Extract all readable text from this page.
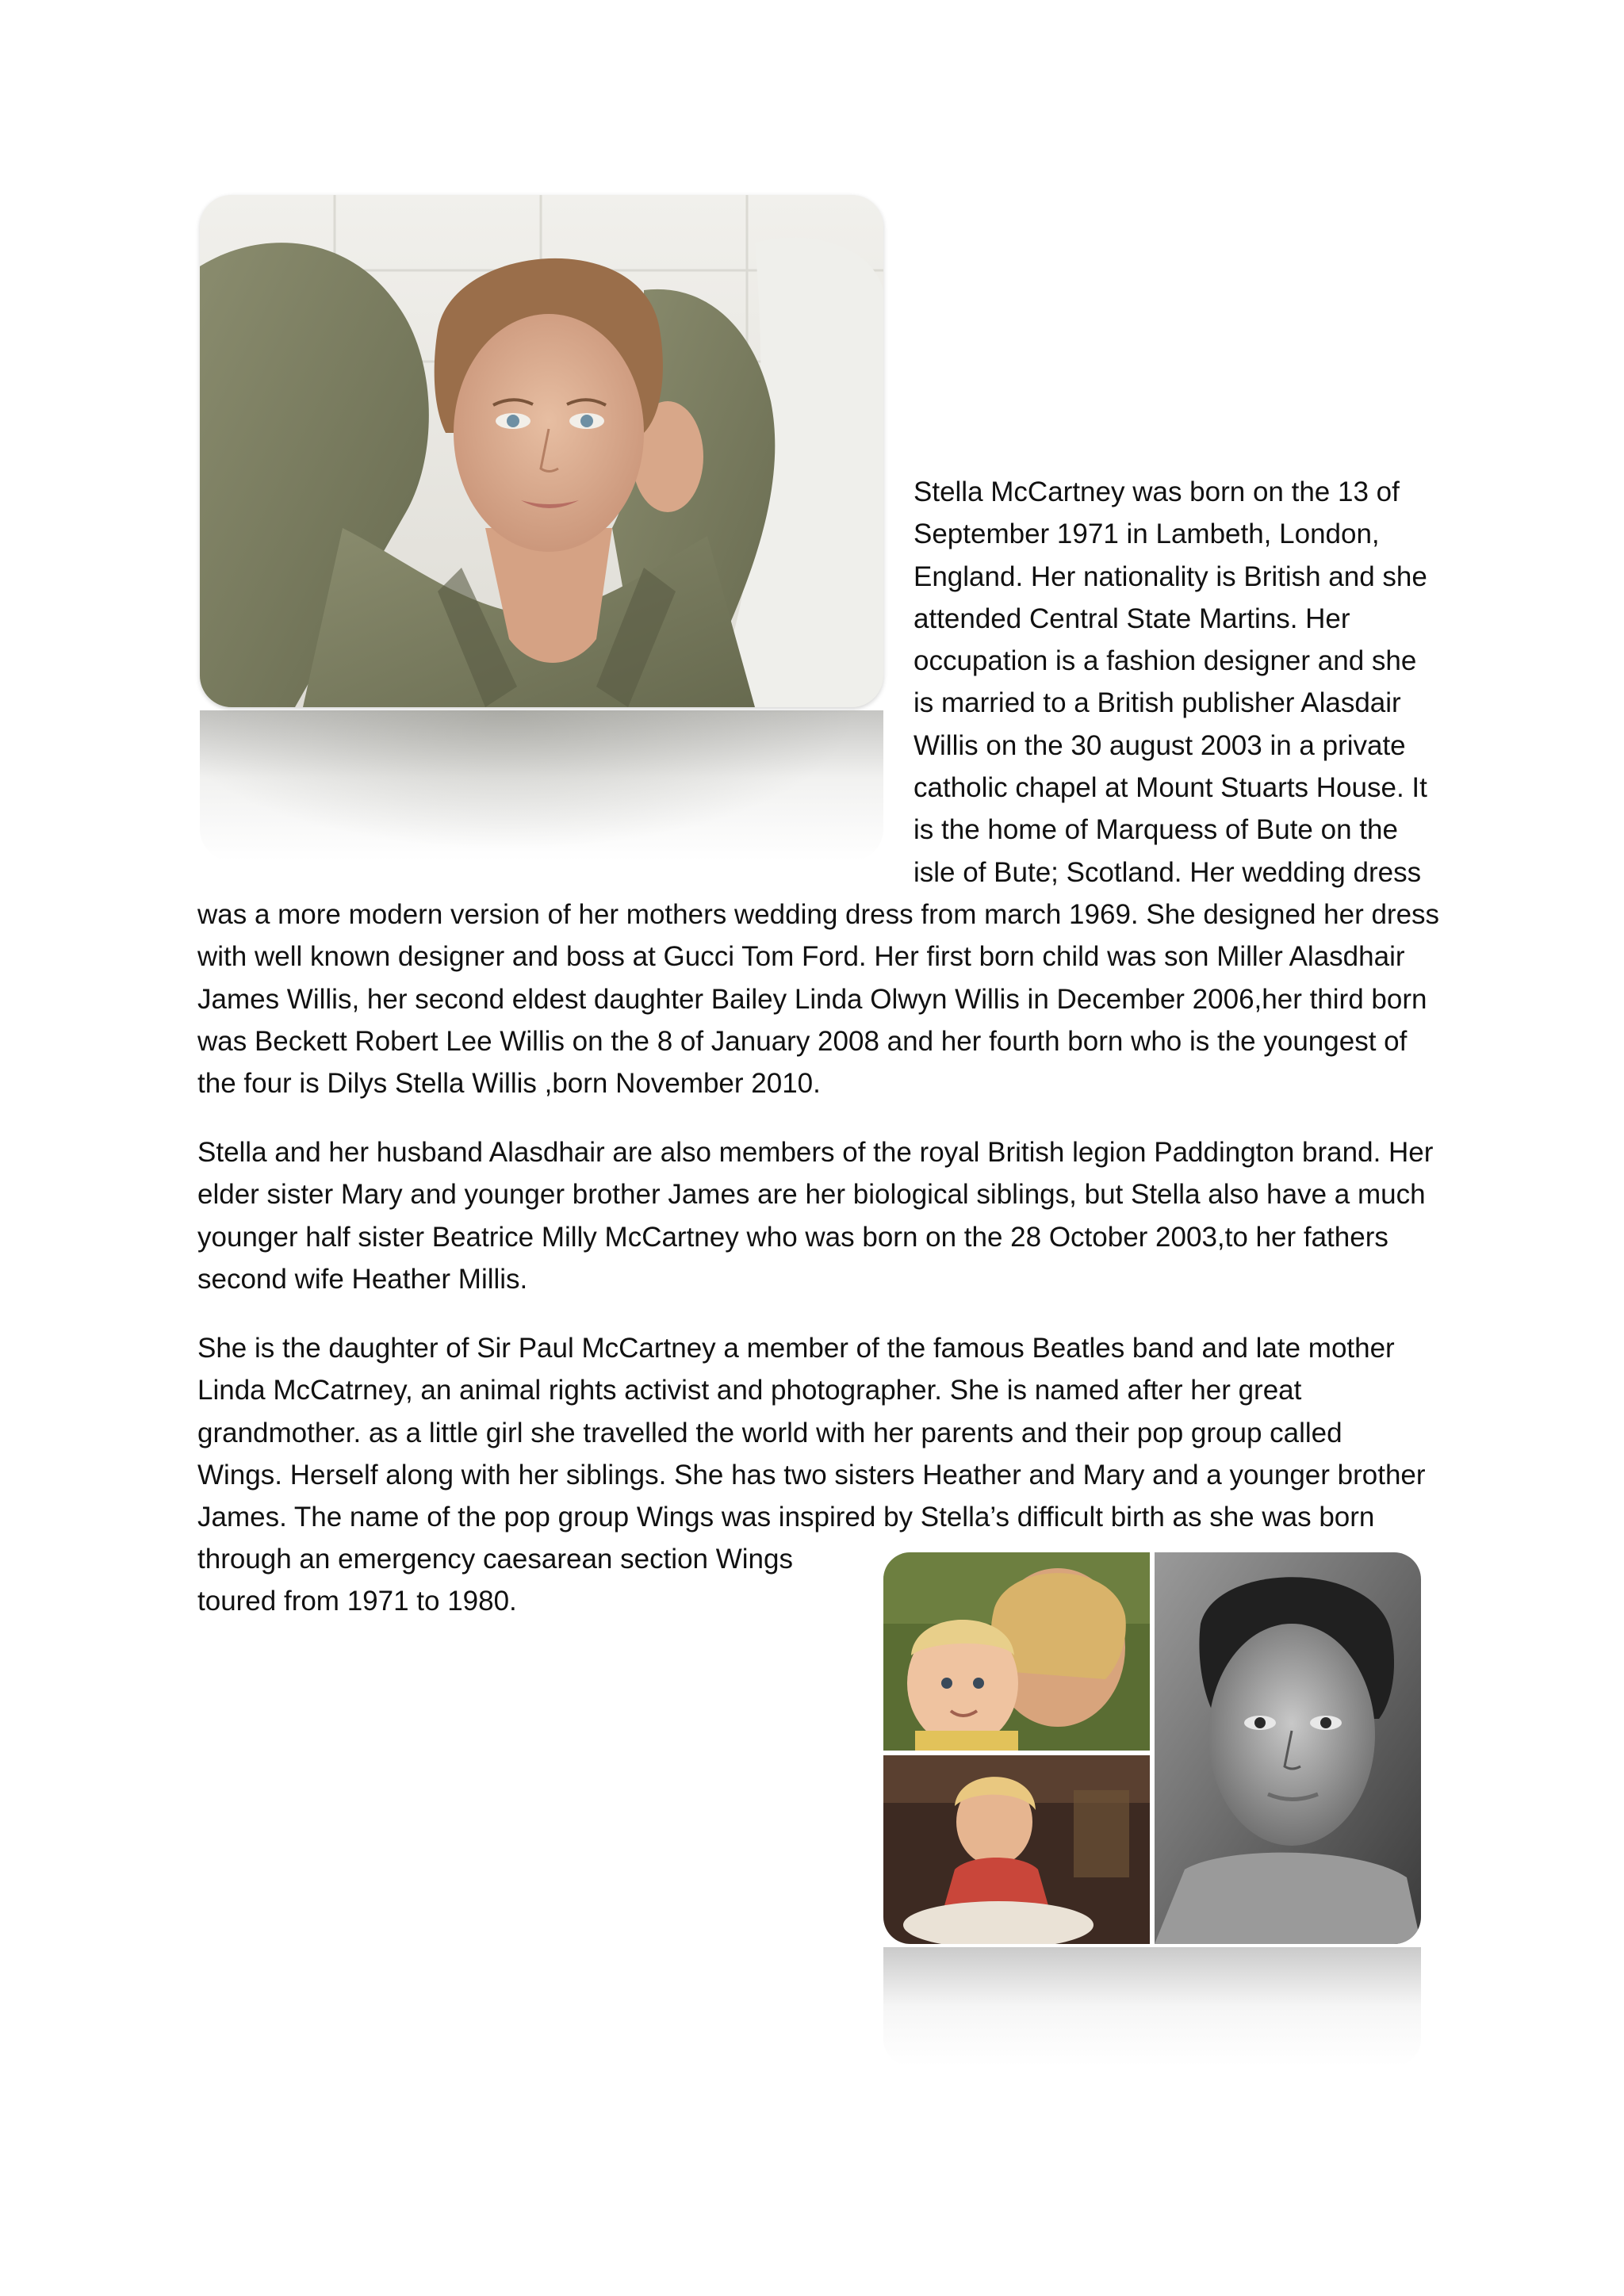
Stella McCartney was born on the 13 of
September 1971 in Lambeth, London,
England. Her nationality is British and she
attended Central State Martins. Her
occupation is a fashion designer and she
is married to a British publisher Alasdair
Willis on the 30 august 2003 in a private
catholic chapel at Mount Stuarts House. It
is the home of Marquess of Bute on the
isle of Bute; Scotland. Her wedding dress
was a more modern version of her mothers wedding dress from march 1969. She designed her dress
with well known designer and boss at Gucci Tom Ford. Her first born child was son Miller Alasdhair
James Willis, her second eldest daughter Bailey Linda Olwyn Willis in December 2006,her third born
was Beckett Robert Lee Willis on the 8 of January 2008 and her fourth born who is the youngest of
the four is Dilys Stella Willis ,born November 2010.
Stella and her husband Alasdhair are also members of the royal British legion Paddington brand. Her
elder sister Mary and younger brother James are her biological siblings, but Stella also have a much
younger half sister Beatrice Milly McCartney who was born on the 28 October 2003,to her fathers
second wife Heather Millis.
She is the daughter of Sir Paul McCartney a member of the famous Beatles band and late mother
Linda McCatrney, an animal rights activist and photographer. She is named after her great
grandmother. as a little girl she travelled the world with her parents and their pop group called
Wings. Herself along with her siblings. She has two sisters Heather and Mary and a younger brother
James. The name of the pop group Wings was inspired by Stella’s difficult birth as she was born
through an emergency caesarean section Wings
toured from 1971 to 1980.
